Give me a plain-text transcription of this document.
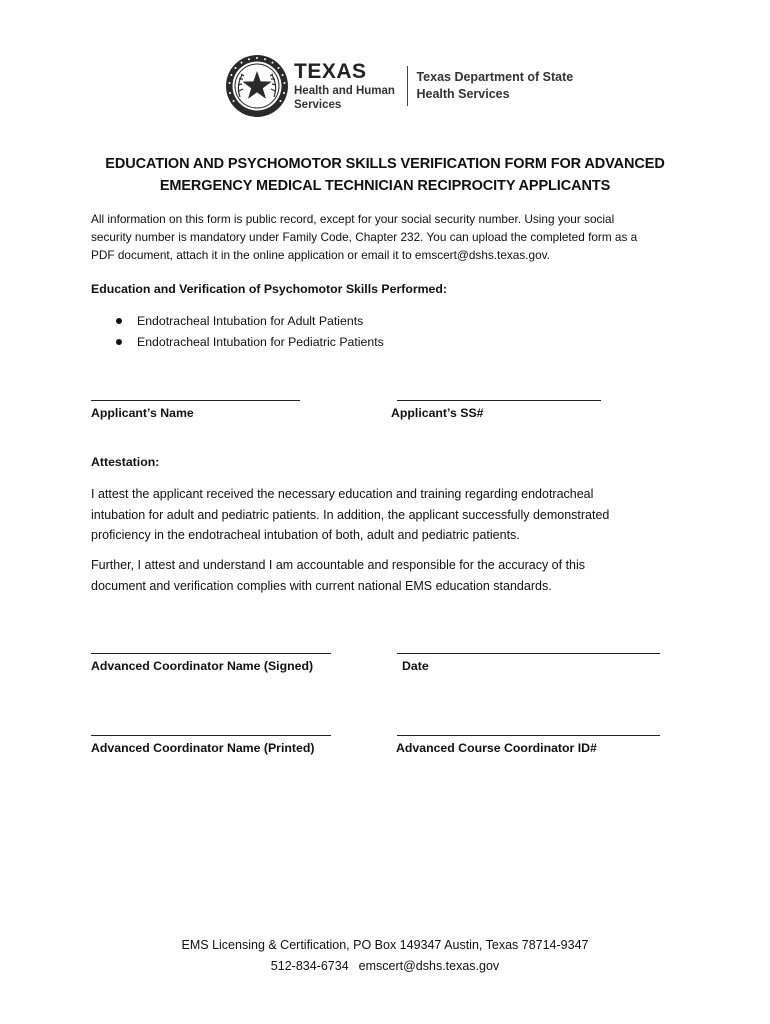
TEXAS
Health and Human
Services
Texas Department of State
Health Services
EDUCATION AND PSYCHOMOTOR SKILLS VERIFICATION FORM FOR ADVANCED
EMERGENCY MEDICAL TECHNICIAN RECIPROCITY APPLICANTS
All information on this form is public record, except for your social security number. Using your social
security number is mandatory under Family Code, Chapter 232. You can upload the completed form as a
PDF document, attach it in the online application or email it to emscert@dshs.texas.gov.
Education and Verification of Psychomotor Skills Performed:
Endotracheal Intubation for Adult Patients
Endotracheal Intubation for Pediatric Patients
Applicant’s Name	Applicant’s SS#
Attestation:
I attest the applicant received the necessary education and training regarding endotracheal
intubation for adult and pediatric patients. In addition, the applicant successfully demonstrated
proficiency in the endotracheal intubation of both, adult and pediatric patients.
Further, I attest and understand I am accountable and responsible for the accuracy of this
document and verification complies with current national EMS education standards.
Advanced Coordinator Name (Signed)	Date
Advanced Coordinator Name (Printed)	Advanced Course Coordinator ID#
EMS Licensing & Certification, PO Box 149347 Austin, Texas 78714-9347
512-834-6734 emscert@dshs.texas.gov
